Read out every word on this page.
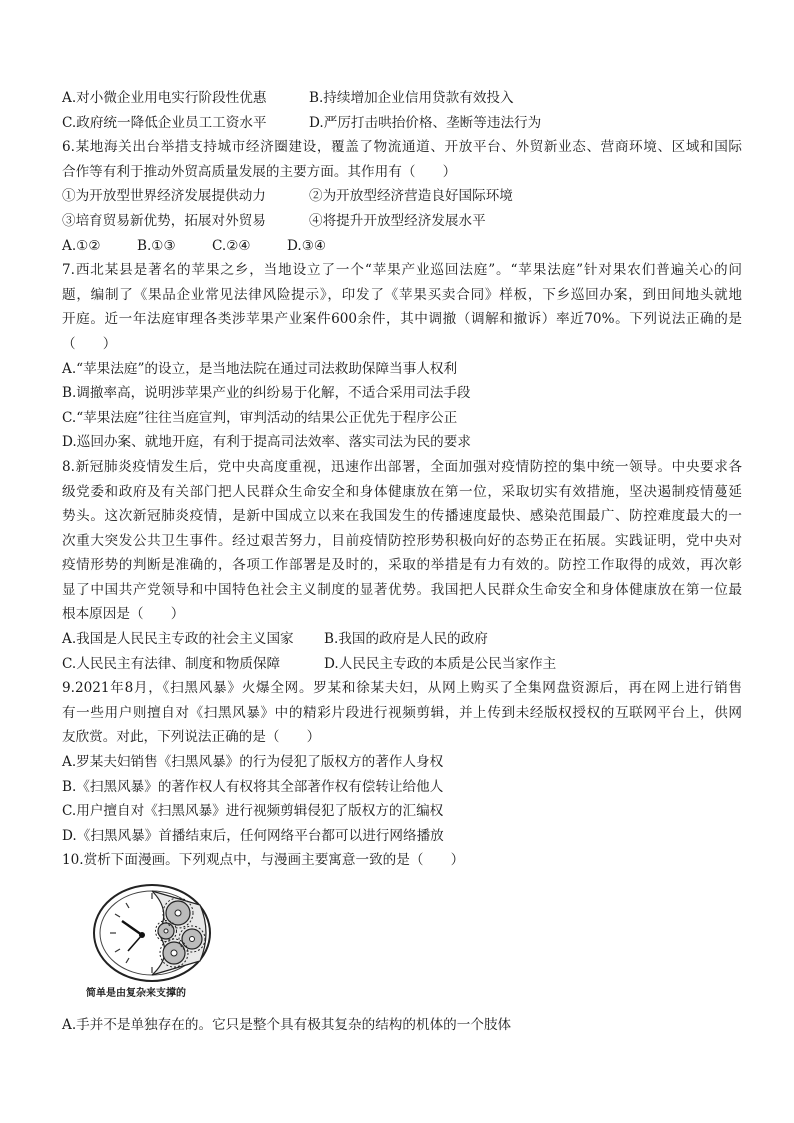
A.对小微企业用电实行阶段性优惠	B.持续增加企业信用贷款有效投入
C.政府统一降低企业员工工资水平	D.严厉打击哄抬价格、垄断等违法行为
6.某地海关出台举措支持城市经济圈建设，覆盖了物流通道、开放平台、外贸新业态、营商环境、区域和国际
合作等有利于推动外贸高质量发展的主要方面。其作用有（　　）
①为开放型世界经济发展提供动力	②为开放型经济营造良好国际环境
③培育贸易新优势，拓展对外贸易	④将提升开放型经济发展水平
A.①②	B.①③	C.②④	D.③④
7.西北某县是著名的苹果之乡，当地设立了一个“苹果产业巡回法庭”。“苹果法庭”针对果农们普遍关心的问
题，编制了《果品企业常见法律风险提示》，印发了《苹果买卖合同》样板，下乡巡回办案，到田间地头就地
开庭。近一年法庭审理各类涉苹果产业案件600余件，其中调撤（调解和撤诉）率近70%。下列说法正确的是
（　　）
A.“苹果法庭”的设立，是当地法院在通过司法救助保障当事人权利
B.调撤率高，说明涉苹果产业的纠纷易于化解，不适合采用司法手段
C.“苹果法庭”往往当庭宣判，审判活动的结果公正优先于程序公正
D.巡回办案、就地开庭，有利于提高司法效率、落实司法为民的要求
8.新冠肺炎疫情发生后，党中央高度重视，迅速作出部署，全面加强对疫情防控的集中统一领导。中央要求各
级党委和政府及有关部门把人民群众生命安全和身体健康放在第一位，采取切实有效措施，坚决遏制疫情蔓延
势头。这次新冠肺炎疫情，是新中国成立以来在我国发生的传播速度最快、感染范围最广、防控难度最大的一
次重大突发公共卫生事件。经过艰苦努力，目前疫情防控形势积极向好的态势正在拓展。实践证明，党中央对
疫情形势的判断是准确的，各项工作部署是及时的，采取的举措是有力有效的。防控工作取得的成效，再次彰
显了中国共产党领导和中国特色社会主义制度的显著优势。我国把人民群众生命安全和身体健康放在第一位最
根本原因是（　　）
A.我国是人民民主专政的社会主义国家	B.我国的政府是人民的政府
C.人民民主有法律、制度和物质保障	D.人民民主专政的本质是公民当家作主
9.2021年8月，《扫黑风暴》火爆全网。罗某和徐某夫妇，从网上购买了全集网盘资源后，再在网上进行销售
有一些用户则擅自对《扫黑风暴》中的精彩片段进行视频剪辑，并上传到未经版权授权的互联网平台上，供网
友欣赏。对此，下列说法正确的是（　　）
A.罗某夫妇销售《扫黑风暴》的行为侵犯了版权方的著作人身权
B.《扫黑风暴》的著作权人有权将其全部著作权有偿转让给他人
C.用户擅自对《扫黑风暴》进行视频剪辑侵犯了版权方的汇编权
D.《扫黑风暴》首播结束后，任何网络平台都可以进行网络播放
10.赏析下面漫画。下列观点中，与漫画主要寓意一致的是（　　）
简单是由复杂来支撑的
A.手并不是单独存在的。它只是整个具有极其复杂的结构的机体的一个肢体
